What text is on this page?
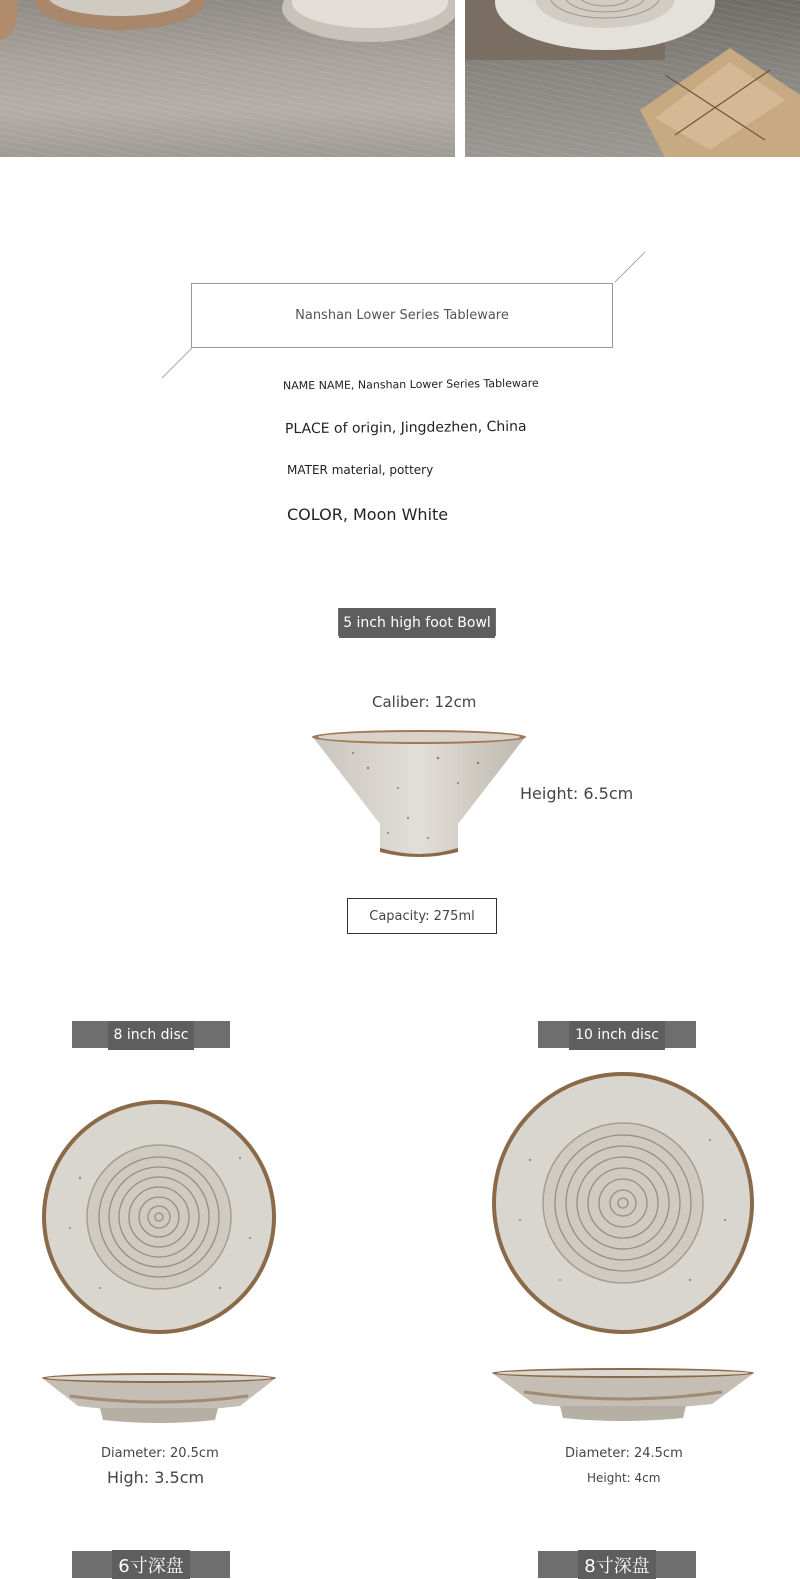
Nanshan Lower Series Tableware
NAME NAME, Nanshan Lower Series Tableware
PLACE of origin, Jingdezhen, China
MATER material, pottery
COLOR, Moon White
5 inch high foot Bowl
Caliber: 12cm
Height: 6.5cm
Capacity: 275ml
8 inch disc
Diameter: 20.5cm
High: 3.5cm
10 inch disc
Diameter: 24.5cm
Height: 4cm
6寸深盘	8寸深盘
